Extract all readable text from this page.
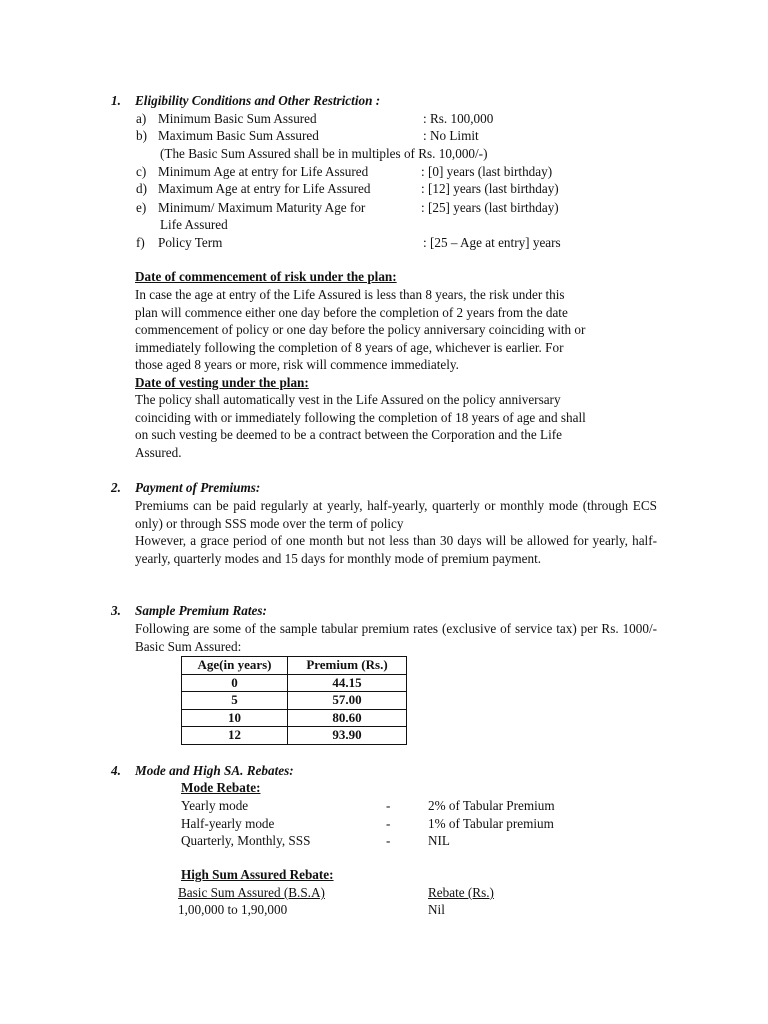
1. Eligibility Conditions and Other Restriction :
a) Minimum Basic Sum Assured	: Rs. 100,000
b) Maximum Basic Sum Assured	: No Limit
(The Basic Sum Assured shall be in multiples of Rs. 10,000/-)
c) Minimum Age at entry for Life Assured	: [0] years (last birthday)
d) Maximum Age at entry for Life Assured	: [12] years (last birthday)
e) Minimum/ Maximum Maturity Age for	: [25] years (last birthday)
Life Assured
f) Policy Term	: [25 – Age at entry] years
Date of commencement of risk under the plan:
In case the age at entry of the Life Assured is less than 8 years, the risk under this
plan will commence either one day before the completion of 2 years from the date
commencement of policy or one day before the policy anniversary coinciding with or
immediately following the completion of 8 years of age, whichever is earlier. For
those aged 8 years or more, risk will commence immediately.
Date of vesting under the plan:
The policy shall automatically vest in the Life Assured on the policy anniversary
coinciding with or immediately following the completion of 18 years of age and shall
on such vesting be deemed to be a contract between the Corporation and the Life
Assured.
2. Payment of Premiums:
Premiums can be paid regularly at yearly, half-yearly, quarterly or monthly mode (through ECS only) or through SSS mode over the term of policy
However, a grace period of one month but not less than 30 days will be allowed for yearly, half-yearly, quarterly modes and 15 days for monthly mode of premium payment.
3. Sample Premium Rates:
Following are some of the sample tabular premium rates (exclusive of service tax) per Rs. 1000/- Basic Sum Assured:
Age(in years)	Premium (Rs.)
0	44.15
5	57.00
10	80.60
12	93.90
4. Mode and High SA. Rebates:
Mode Rebate:
Yearly mode	-	2% of Tabular Premium
Half-yearly mode	-	1% of Tabular premium
Quarterly, Monthly, SSS	-	NIL
High Sum Assured Rebate:
Basic Sum Assured (B.S.A)	Rebate (Rs.)
1,00,000 to 1,90,000	Nil
